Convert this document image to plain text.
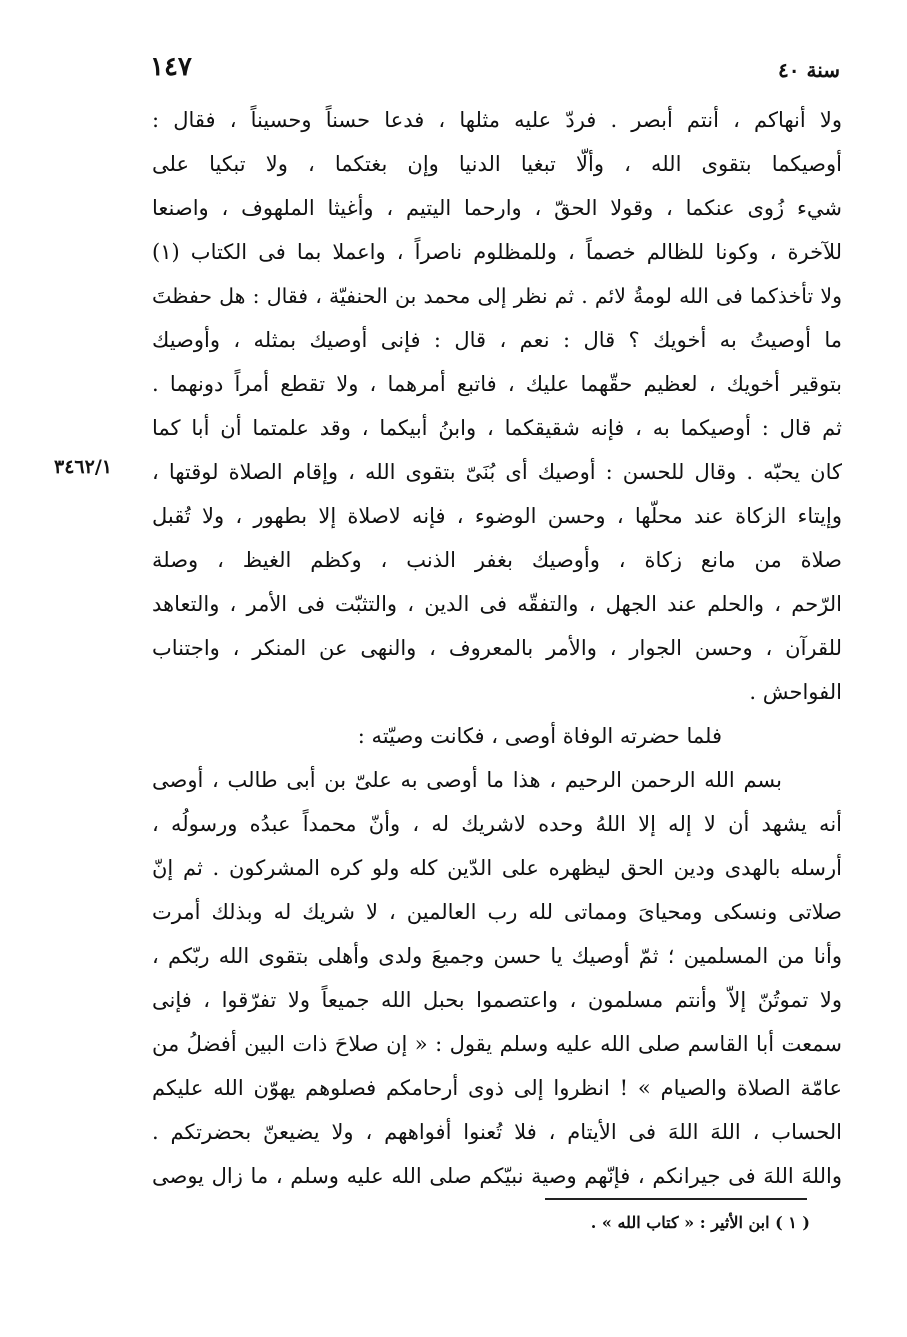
سنة ٤٠
١٤٧
٣٤٦٢/١
ولا أنهاكم ، أنتم أبصر . فردّ عليه مثلها ، فدعا حسناً وحسيناً ، فقال :
أوصيكما بتقوى الله ، وألّا تبغيا الدنيا وإن بغتكما ، ولا تبكيا على
شيء زُوى عنكما ، وقولا الحقّ ، وارحما اليتيم ، وأغيثا الملهوف ، واصنعا
للآخرة ، وكونا للظالم خصماً ، وللمظلوم ناصراً ، واعملا بما فى الكتاب (١)
ولا تأخذكما فى الله لومةُ لائم . ثم نظر إلى محمد بن الحنفيّة ، فقال : هل حفظتَ
ما أوصيتُ به أخويك ؟ قال : نعم ، قال : فإنى أوصيك بمثله ، وأوصيك
بتوقير أخويك ، لعظيم حقّهما عليك ، فاتبع أمرهما ، ولا تقطع أمراً دونهما .
ثم قال : أوصيكما به ، فإنه شقيقكما ، وابنُ أبيكما ، وقد علمتما أن أبا كما
كان يحبّه . وقال للحسن : أوصيك أى بُنَىّ بتقوى الله ، وإقام الصلاة لوقتها ،
وإيتاء الزكاة عند محلّها ، وحسن الوضوء ، فإنه لاصلاة إلا بطهور ، ولا تُقبل
صلاة من مانع زكاة ، وأوصيك بغفر الذنب ، وكظم الغيظ ، وصلة
الرّحم ، والحلم عند الجهل ، والتفقّه فى الدين ، والتثبّت فى الأمر ، والتعاهد
للقرآن ، وحسن الجوار ، والأمر بالمعروف ، والنهى عن المنكر ، واجتناب
الفواحش .
فلما حضرته الوفاة أوصى ، فكانت وصيّته :
بسم الله الرحمن الرحيم ، هذا ما أوصى به علىّ بن أبى طالب ، أوصى
أنه يشهد أن لا إله إلا اللهُ وحده لاشريك له ، وأنّ محمداً عبدُه ورسولُه ،
أرسله بالهدى ودين الحق ليظهره على الدّين كله ولو كره المشركون . ثم إنّ
صلاتى ونسكى ومحياىَ ومماتى لله رب العالمين ، لا شريك له وبذلك أمرت
وأنا من المسلمين ؛ ثمّ أوصيك يا حسن وجميعَ ولدى وأهلى بتقوى الله ربّكم ،
ولا تموتُنّ إلاّ وأنتم مسلمون ، واعتصموا بحبل الله جميعاً ولا تفرّقوا ، فإنى
سمعت أبا القاسم صلى الله عليه وسلم يقول : « إن صلاحَ ذات البين أفضلُ من
عامّة الصلاة والصيام » ! انظروا إلى ذوى أرحامكم فصلوهم يهوّن الله عليكم
الحساب ، اللهَ اللهَ فى الأيتام ، فلا تُعنوا أفواههم ، ولا يضيعنّ بحضرتكم .
واللهَ اللهَ فى جيرانكم ، فإنّهم وصية نبيّكم صلى الله عليه وسلم ، ما زال يوصى
( ١ ) ابن الأثير : « كتاب الله » .
